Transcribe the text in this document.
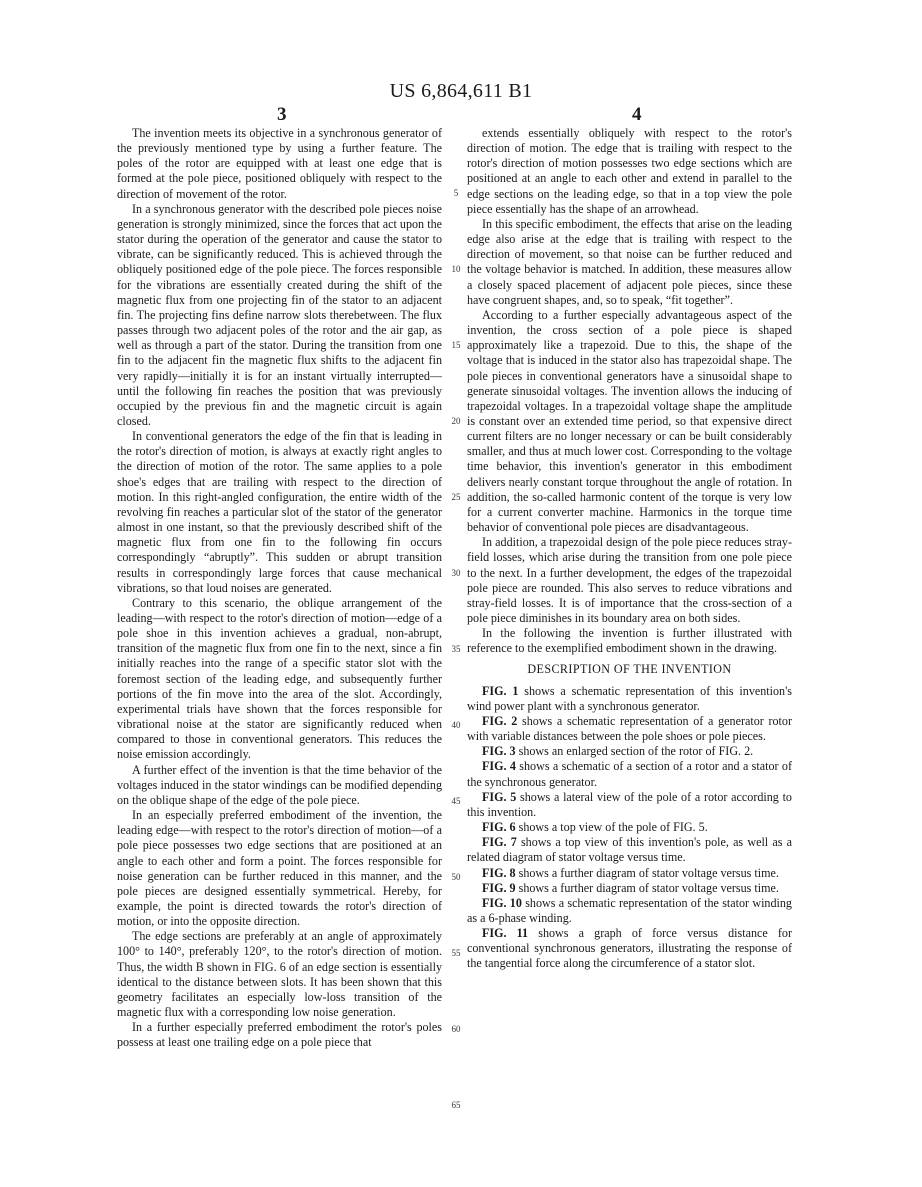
US 6,864,611 B1
3	4

The invention meets its objective in a synchronous generator of the previously mentioned type by using a further feature. The poles of the rotor are equipped with at least one edge that is formed at the pole piece, positioned obliquely with respect to the direction of movement of the rotor.

In a synchronous generator with the described pole pieces noise generation is strongly minimized, since the forces that act upon the stator during the operation of the generator and cause the stator to vibrate, can be significantly reduced. This is achieved through the obliquely positioned edge of the pole piece. The forces responsible for the vibrations are essentially created during the shift of the magnetic flux from one projecting fin of the stator to an adjacent fin. The projecting fins define narrow slots therebetween. The flux passes through two adjacent poles of the rotor and the air gap, as well as through a part of the stator. During the transition from one fin to the adjacent fin the magnetic flux shifts to the adjacent fin very rapidly—initially it is for an instant virtually interrupted—until the following fin reaches the position that was previously occupied by the previous fin and the magnetic circuit is again closed.

In conventional generators the edge of the fin that is leading in the rotor's direction of motion, is always at exactly right angles to the direction of motion of the rotor. The same applies to a pole shoe's edges that are trailing with respect to the direction of motion. In this right-angled configuration, the entire width of the revolving fin reaches a particular slot of the stator of the generator almost in one instant, so that the previously described shift of the magnetic flux from one fin to the following fin occurs correspondingly “abruptly”. This sudden or abrupt transition results in correspondingly large forces that cause mechanical vibrations, so that loud noises are generated.

Contrary to this scenario, the oblique arrangement of the leading—with respect to the rotor's direction of motion—edge of a pole shoe in this invention achieves a gradual, non-abrupt, transition of the magnetic flux from one fin to the next, since a fin initially reaches into the range of a specific stator slot with the foremost section of the leading edge, and subsequently further portions of the fin move into the area of the slot. Accordingly, experimental trials have shown that the forces responsible for vibrational noise at the stator are significantly reduced when compared to those in conventional generators. This reduces the noise emission accordingly.

A further effect of the invention is that the time behavior of the voltages induced in the stator windings can be modified depending on the oblique shape of the edge of the pole piece.

In an especially preferred embodiment of the invention, the leading edge—with respect to the rotor's direction of motion—of a pole piece possesses two edge sections that are positioned at an angle to each other and form a point. The forces responsible for noise generation can be further reduced in this manner, and the pole pieces are designed essentially symmetrical. Hereby, for example, the point is directed towards the rotor's direction of motion, or into the opposite direction.

The edge sections are preferably at an angle of approximately 100° to 140°, preferably 120°, to the rotor's direction of motion. Thus, the width B shown in FIG. 6 of an edge section is essentially identical to the distance between slots. It has been shown that this geometry facilitates an especially low-loss transition of the magnetic flux with a corresponding low noise generation.

In a further especially preferred embodiment the rotor's poles possess at least one trailing edge on a pole piece that

extends essentially obliquely with respect to the rotor's direction of motion. The edge that is trailing with respect to the rotor's direction of motion possesses two edge sections which are positioned at an angle to each other and extend in parallel to the edge sections on the leading edge, so that in a top view the pole piece essentially has the shape of an arrowhead.

In this specific embodiment, the effects that arise on the leading edge also arise at the edge that is trailing with respect to the direction of movement, so that noise can be further reduced and the voltage behavior is matched. In addition, these measures allow a closely spaced placement of adjacent pole pieces, since these have congruent shapes, and, so to speak, “fit together”.

According to a further especially advantageous aspect of the invention, the cross section of a pole piece is shaped approximately like a trapezoid. Due to this, the shape of the voltage that is induced in the stator also has trapezoidal shape. The pole pieces in conventional generators have a sinusoidal shape to generate sinusoidal voltages. The invention allows the inducing of trapezoidal voltages. In a trapezoidal voltage shape the amplitude is constant over an extended time period, so that expensive direct current filters are no longer necessary or can be built considerably smaller, and thus at much lower cost. Corresponding to the voltage time behavior, this invention's generator in this embodiment delivers nearly constant torque throughout the angle of rotation. In addition, the so-called harmonic content of the torque is very low for a current converter machine. Harmonics in the torque time behavior of conventional pole pieces are disadvantageous.

In addition, a trapezoidal design of the pole piece reduces stray-field losses, which arise during the transition from one pole piece to the next. In a further development, the edges of the trapezoidal pole piece are rounded. This also serves to reduce vibrations and stray-field losses. It is of importance that the cross-section of a pole piece diminishes in its boundary area on both sides.

In the following the invention is further illustrated with reference to the exemplified embodiment shown in the drawing.

DESCRIPTION OF THE INVENTION

FIG. 1 shows a schematic representation of this invention's wind power plant with a synchronous generator.

FIG. 2 shows a schematic representation of a generator rotor with variable distances between the pole shoes or pole pieces.

FIG. 3 shows an enlarged section of the rotor of FIG. 2.

FIG. 4 shows a schematic of a section of a rotor and a stator of the synchronous generator.

FIG. 5 shows a lateral view of the pole of a rotor according to this invention.

FIG. 6 shows a top view of the pole of FIG. 5.

FIG. 7 shows a top view of this invention's pole, as well as a related diagram of stator voltage versus time.

FIG. 8 shows a further diagram of stator voltage versus time.

FIG. 9 shows a further diagram of stator voltage versus time.

FIG. 10 shows a schematic representation of the stator winding as a 6-phase winding.

FIG. 11 shows a graph of force versus distance for conventional synchronous generators, illustrating the response of the tangential force along the circumference of a stator slot.

5
10
15
20
25
30
35
40
45
50
55
60
65
